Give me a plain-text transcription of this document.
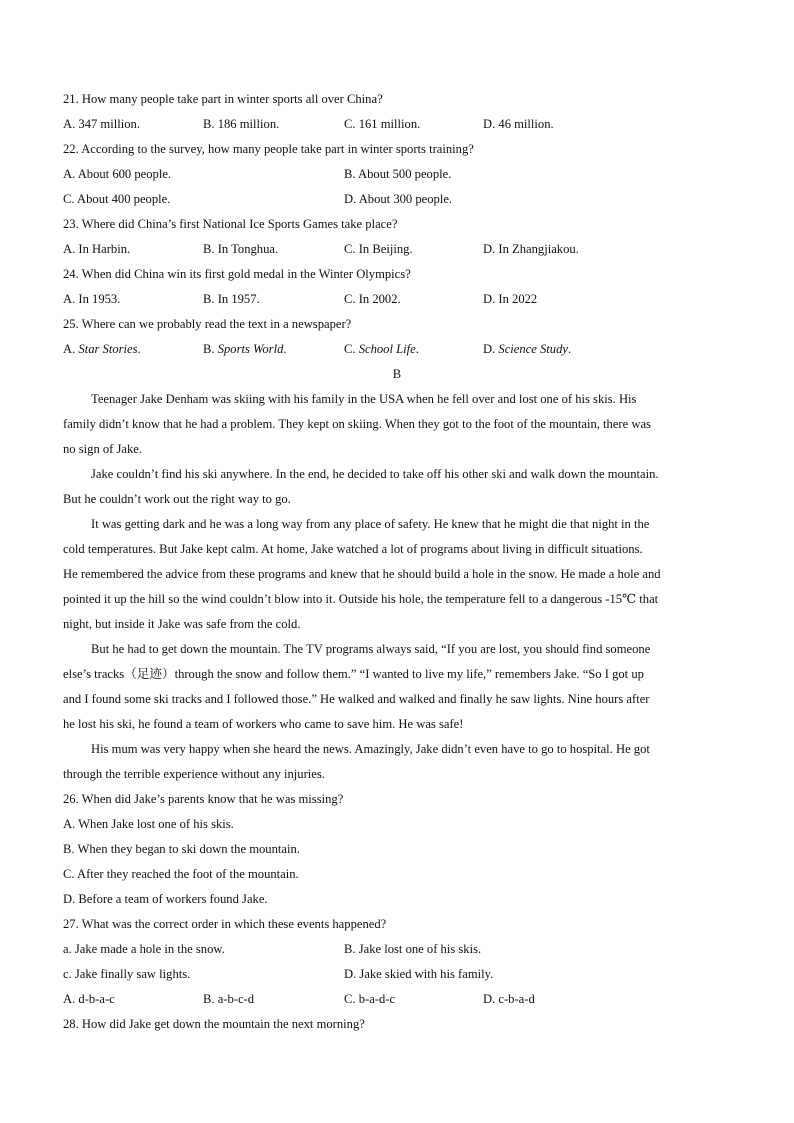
21. How many people take part in winter sports all over China?
A. 347 million.	B. 186 million.	C. 161 million.	D. 46 million.
22. According to the survey, how many people take part in winter sports training?
A. About 600 people.	B. About 500 people.
C. About 400 people.	D. About 300 people.
23. Where did China’s first National Ice Sports Games take place?
A. In Harbin.	B. In Tonghua.	C. In Beijing.	D. In Zhangjiakou.
24. When did China win its first gold medal in the Winter Olympics?
A. In 1953.	B. In 1957.	C. In 2002.	D. In 2022
25. Where can we probably read the text in a newspaper?
A. Star Stories.	B. Sports World.	C. School Life.	D. Science Study.
B
Teenager Jake Denham was skiing with his family in the USA when he fell over and lost one of his skis. His
family didn’t know that he had a problem. They kept on skiing. When they got to the foot of the mountain, there was
no sign of Jake.
Jake couldn’t find his ski anywhere. In the end, he decided to take off his other ski and walk down the mountain.
But he couldn’t work out the right way to go.
It was getting dark and he was a long way from any place of safety. He knew that he might die that night in the
cold temperatures. But Jake kept calm. At home, Jake watched a lot of programs about living in difficult situations.
He remembered the advice from these programs and knew that he should build a hole in the snow. He made a hole and
pointed it up the hill so the wind couldn’t blow into it. Outside his hole, the temperature fell to a dangerous -15℃ that
night, but inside it Jake was safe from the cold.
But he had to get down the mountain. The TV programs always said, “If you are lost, you should find someone
else’s tracks（足迹）through the snow and follow them.” “I wanted to live my life,” remembers Jake. “So I got up
and I found some ski tracks and I followed those.” He walked and walked and finally he saw lights. Nine hours after
he lost his ski, he found a team of workers who came to save him. He was safe!
His mum was very happy when she heard the news. Amazingly, Jake didn’t even have to go to hospital. He got
through the terrible experience without any injuries.
26. When did Jake’s parents know that he was missing?
A. When Jake lost one of his skis.
B. When they began to ski down the mountain.
C. After they reached the foot of the mountain.
D. Before a team of workers found Jake.
27. What was the correct order in which these events happened?
a. Jake made a hole in the snow.	B. Jake lost one of his skis.
c. Jake finally saw lights.	D. Jake skied with his family.
A. d-b-a-c	B. a-b-c-d	C. b-a-d-c	D. c-b-a-d
28. How did Jake get down the mountain the next morning?
